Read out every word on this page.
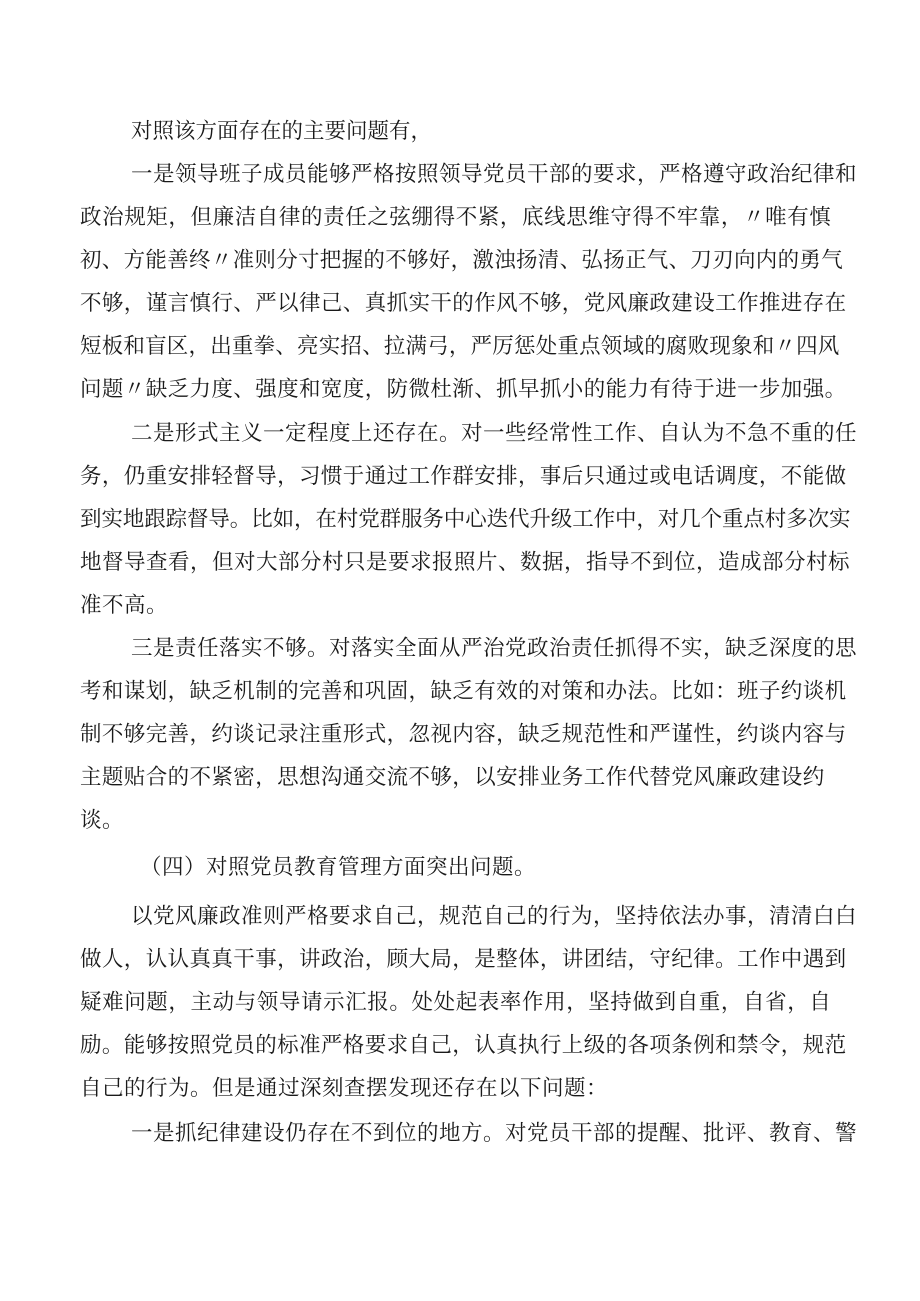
对照该方面存在的主要问题有，
一是领导班子成员能够严格按照领导党员干部的要求，严格遵守政治纪律和
政治规矩，但廉洁自律的责任之弦绷得不紧，底线思维守得不牢靠，〃唯有慎
初、方能善终〃准则分寸把握的不够好，激浊扬清、弘扬正气、刀刃向内的勇气
不够，谨言慎行、严以律己、真抓实干的作风不够，党风廉政建设工作推进存在
短板和盲区，出重拳、亮实招、拉满弓，严厉惩处重点领域的腐败现象和〃四风
问题〃缺乏力度、强度和宽度，防微杜渐、抓早抓小的能力有待于进一步加强。
二是形式主义一定程度上还存在。对一些经常性工作、自认为不急不重的任
务，仍重安排轻督导，习惯于通过工作群安排，事后只通过或电话调度，不能做
到实地跟踪督导。比如，在村党群服务中心迭代升级工作中，对几个重点村多次实
地督导查看，但对大部分村只是要求报照片、数据，指导不到位，造成部分村标
准不高。
三是责任落实不够。对落实全面从严治党政治责任抓得不实，缺乏深度的思
考和谋划，缺乏机制的完善和巩固，缺乏有效的对策和办法。比如：班子约谈机
制不够完善，约谈记录注重形式，忽视内容，缺乏规范性和严谨性，约谈内容与
主题贴合的不紧密，思想沟通交流不够，以安排业务工作代替党风廉政建设约
谈。
（四）对照党员教育管理方面突出问题。
以党风廉政准则严格要求自己，规范自己的行为，坚持依法办事，清清白白
做人，认认真真干事，讲政治，顾大局，是整体，讲团结，守纪律。工作中遇到
疑难问题，主动与领导请示汇报。处处起表率作用，坚持做到自重，自省，自
励。能够按照党员的标准严格要求自己，认真执行上级的各项条例和禁令，规范
自己的行为。但是通过深刻查摆发现还存在以下问题：
一是抓纪律建设仍存在不到位的地方。对党员干部的提醒、批评、教育、警
